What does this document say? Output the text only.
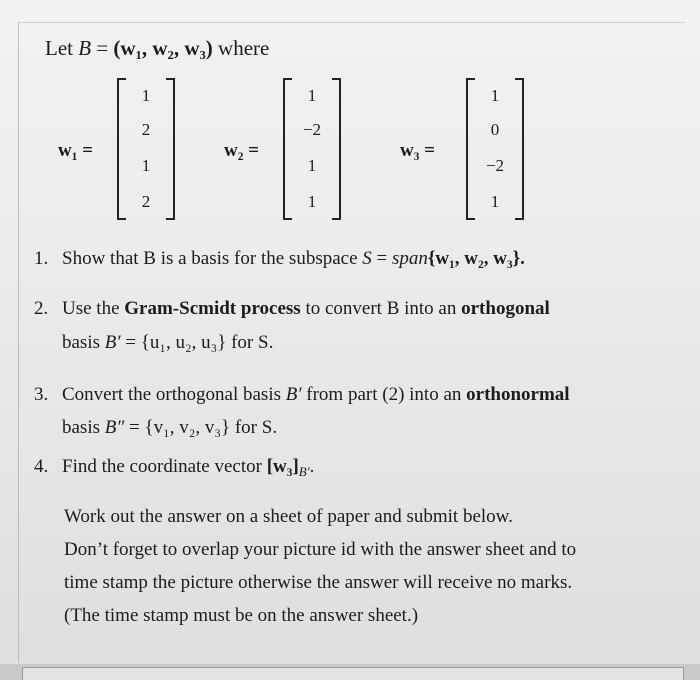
Let B = (w₁, w₂, w₃) where
w₁ =
1
2
1
2
w₂ =
1
−2
1
1
w₃ =
1
0
−2
1
1. Show that B is a basis for the subspace S = span{w₁, w₂, w₃}.
2. Use the Gram-Scmidt process to convert B into an orthogonal
basis B′ = {u₁, u₂, u₃} for S.
3. Convert the orthogonal basis B′ from part (2) into an orthonormal
basis B″ = {v₁, v₂, v₃} for S.
4. Find the coordinate vector $[w_3]_{B'}$.
Work out the answer on a sheet of paper and submit below.
Don’t forget to overlap your picture id with the answer sheet and to
time stamp the picture otherwise the answer will receive no marks.
(The time stamp must be on the answer sheet.)
